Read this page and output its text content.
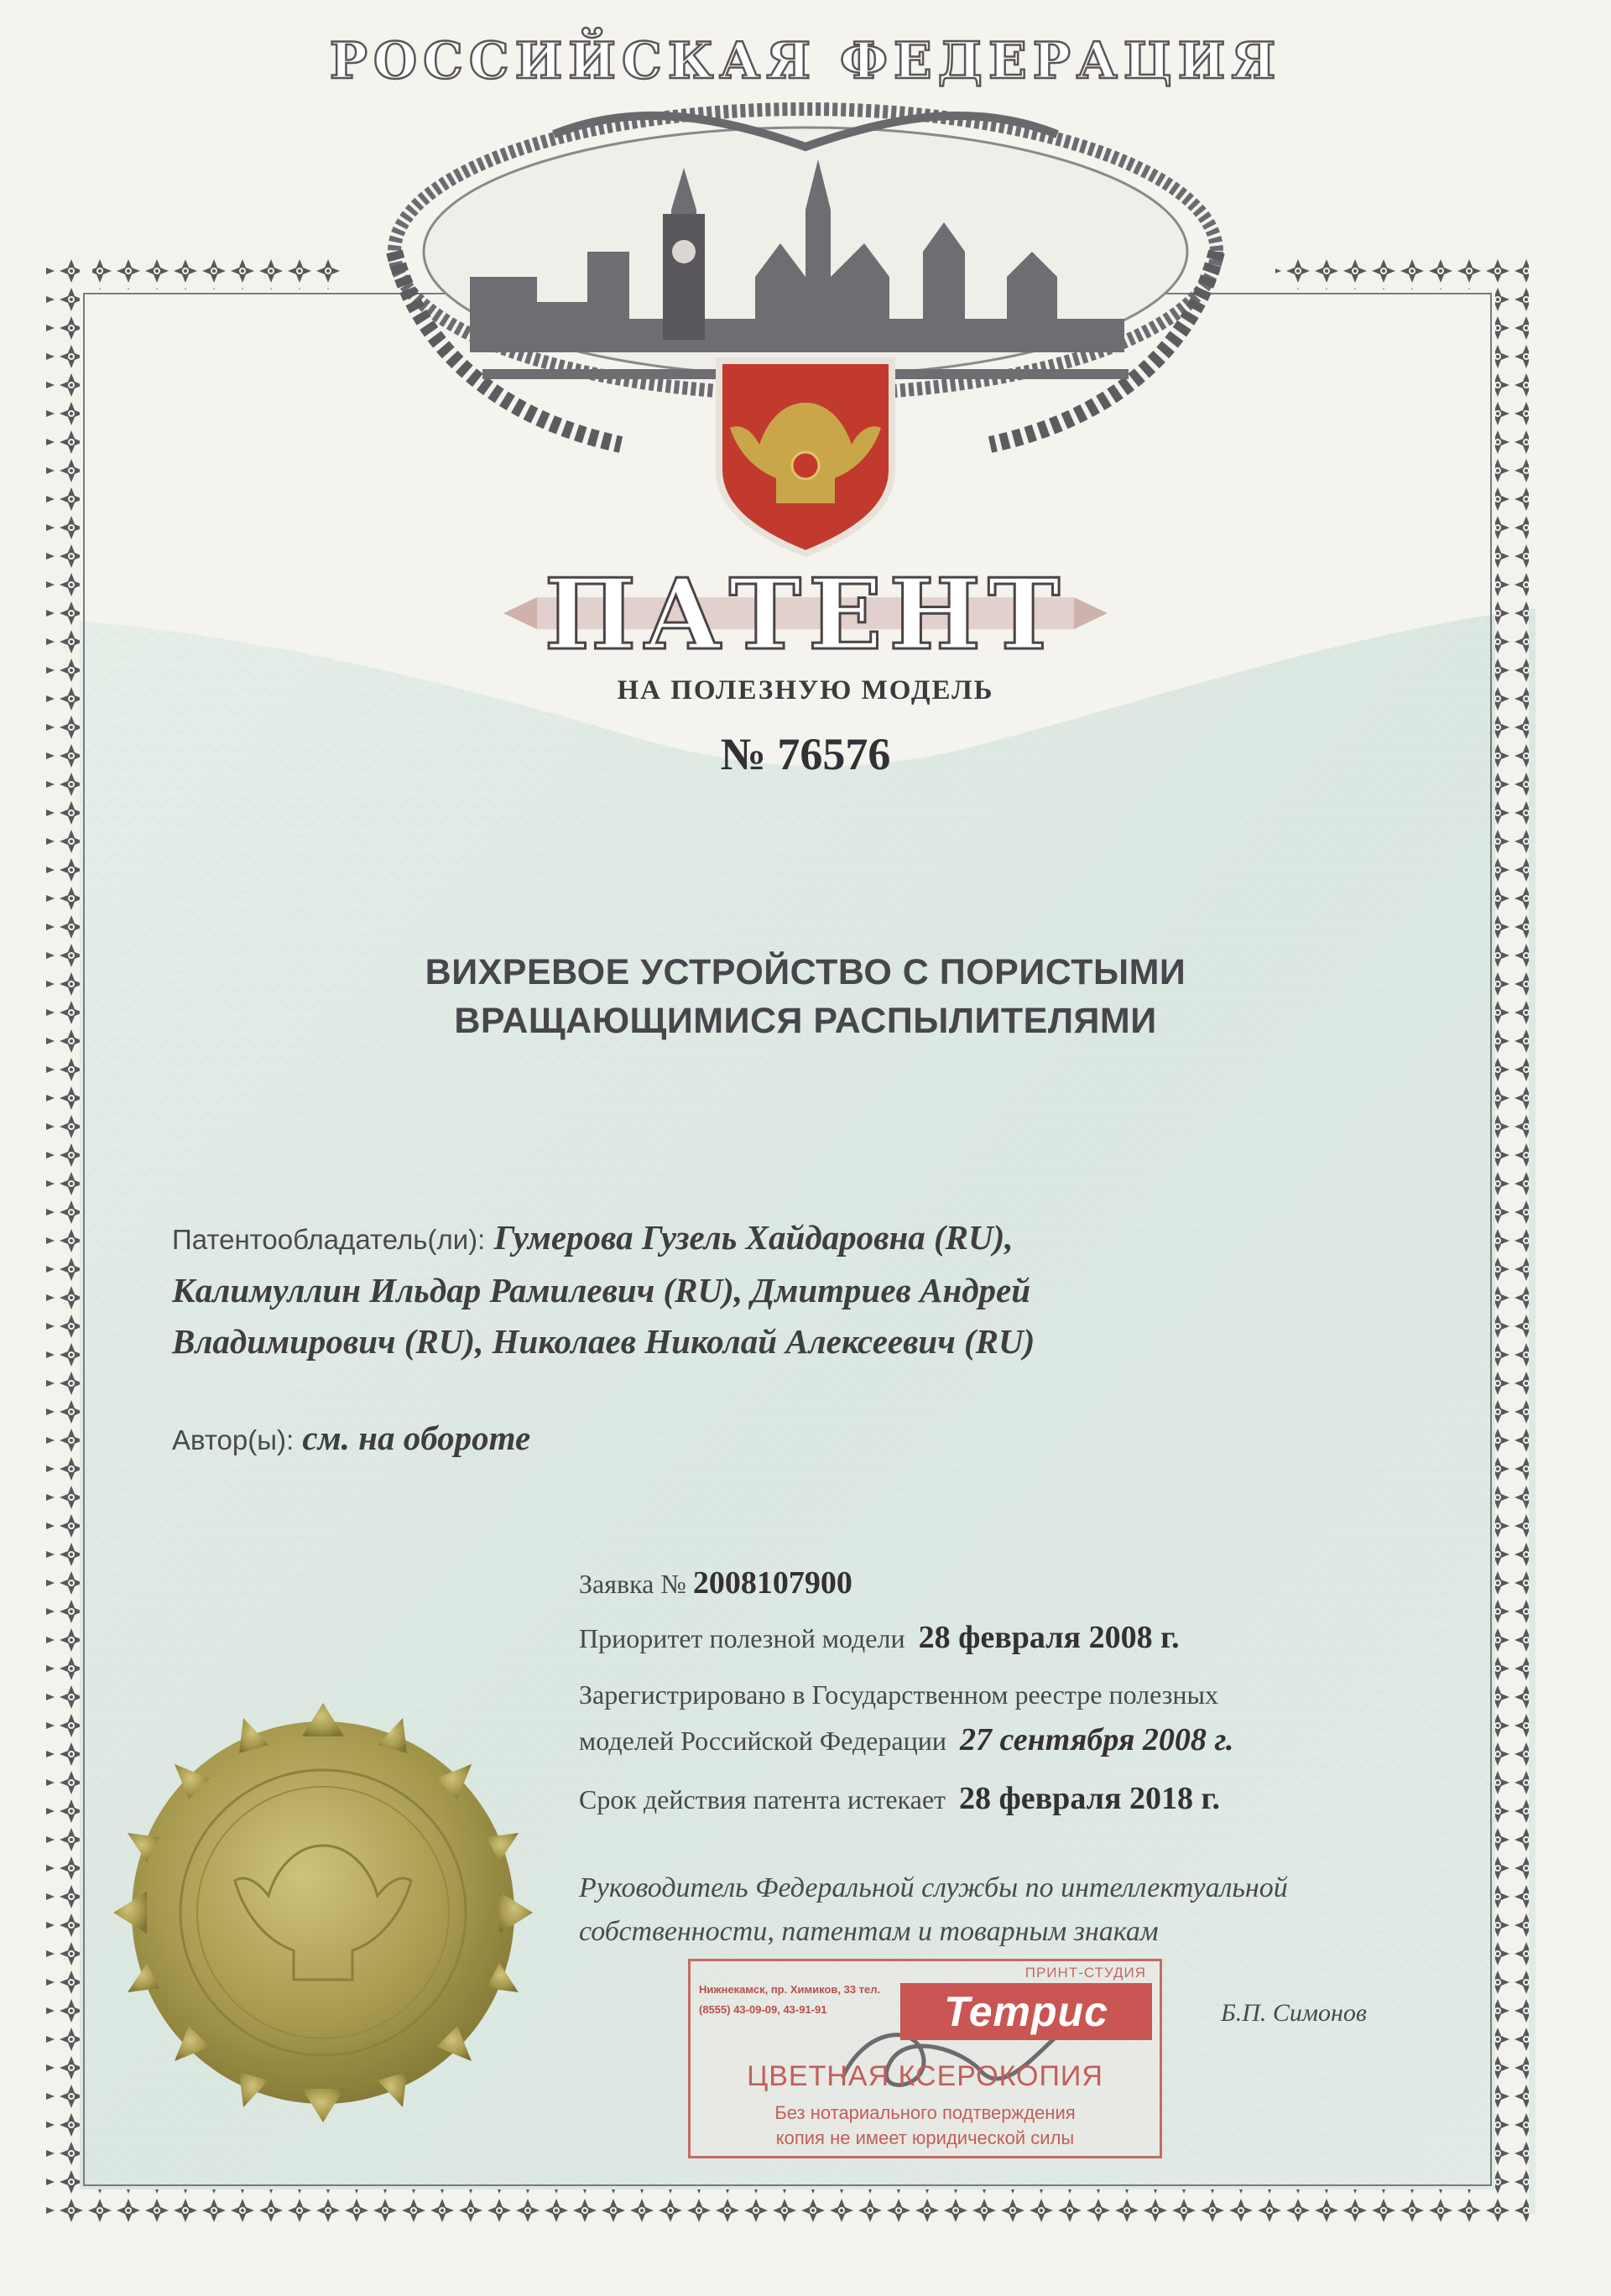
РОССИЙСКАЯ ФЕДЕРАЦИЯ
ПАТЕНТ
НА ПОЛЕЗНУЮ МОДЕЛЬ
№ 76576
ВИХРЕВОЕ УСТРОЙСТВО С ПОРИСТЫМИ
ВРАЩАЮЩИМИСЯ РАСПЫЛИТЕЛЯМИ
Патентообладатель(ли): Гумерова Гузель Хайдаровна (RU),
Калимуллин Ильдар Рамилевич (RU), Дмитриев Андрей
Владимирович (RU), Николаев Николай Алексеевич (RU)
Автор(ы): см. на обороте
Заявка № 2008107900
Приоритет полезной модели 28 февраля 2008 г.
Зарегистрировано в Государственном реестре полезных
моделей Российской Федерации 27 сентября 2008 г.
Срок действия патента истекает 28 февраля 2018 г.
Руководитель Федеральной службы по интеллектуальной
собственности, патентам и товарным знакам
Б.П. Симонов
Нижнекамск, пр. Химиков, 33 тел. (8555) 43-09-09, 43-91-91
ПРИНТ-СТУДИЯ
Тетрис
ЦВЕТНАЯ КСЕРОКОПИЯ
Без нотариального подтверждения
копия не имеет юридической силы
